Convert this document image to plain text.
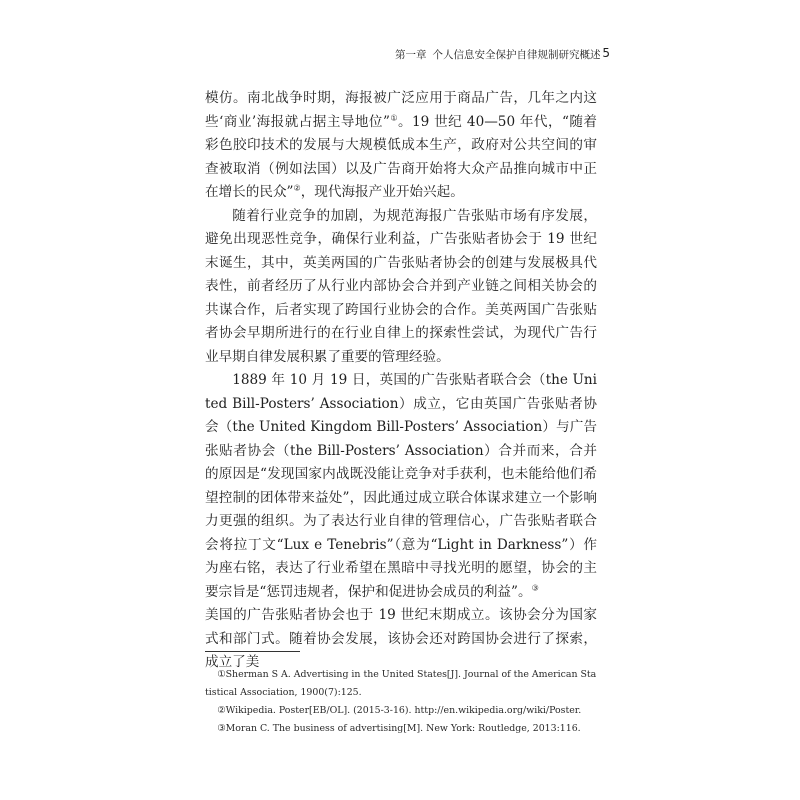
第一章 个人信息安全保护自律规制研究概述 5

模仿。南北战争时期，海报被广泛应用于商品广告，几年之内这些‘商业’海报就占据主导地位”①。19 世纪 40—50 年代，“随着彩色胶印技术的发展与大规模低成本生产，政府对公共空间的审查被取消（例如法国）以及广告商开始将大众产品推向城市中正在增长的民众”②，现代海报产业开始兴起。

随着行业竞争的加剧，为规范海报广告张贴市场有序发展，避免出现恶性竞争，确保行业利益，广告张贴者协会于 19 世纪末诞生，其中，英美两国的广告张贴者协会的创建与发展极具代表性，前者经历了从行业内部协会合并到产业链之间相关协会的共谋合作，后者实现了跨国行业协会的合作。美英两国广告张贴者协会早期所进行的在行业自律上的探索性尝试，为现代广告行业早期自律发展积累了重要的管理经验。

1889 年 10 月 19 日，英国的广告张贴者联合会（the United Bill-Posters’ Association）成立，它由英国广告张贴者协会（the United Kingdom Bill-Posters’ Association）与广告张贴者协会（the Bill-Posters’ Association）合并而来，合并的原因是“发现国家内战既没能让竞争对手获利，也未能给他们希望控制的团体带来益处”，因此通过成立联合体谋求建立一个影响力更强的组织。为了表达行业自律的管理信心，广告张贴者联合会将拉丁文“Lux e Tenebris”（意为“Light in Darkness”）作为座右铭，表达了行业希望在黑暗中寻找光明的愿望，协会的主要宗旨是“惩罚违规者，保护和促进协会成员的利益”。③
美国的广告张贴者协会也于 19 世纪末期成立。该协会分为国家式和部门式。随着协会发展，该协会还对跨国协会进行了探索，成立了美

①Sherman S A. Advertising in the United States[J]. Journal of the American Statistical Association, 1900(7):125.
②Wikipedia. Poster[EB/OL]. (2015-3-16). http://en.wikipedia.org/wiki/Poster.
③Moran C. The business of advertising[M]. New York: Routledge, 2013:116.
